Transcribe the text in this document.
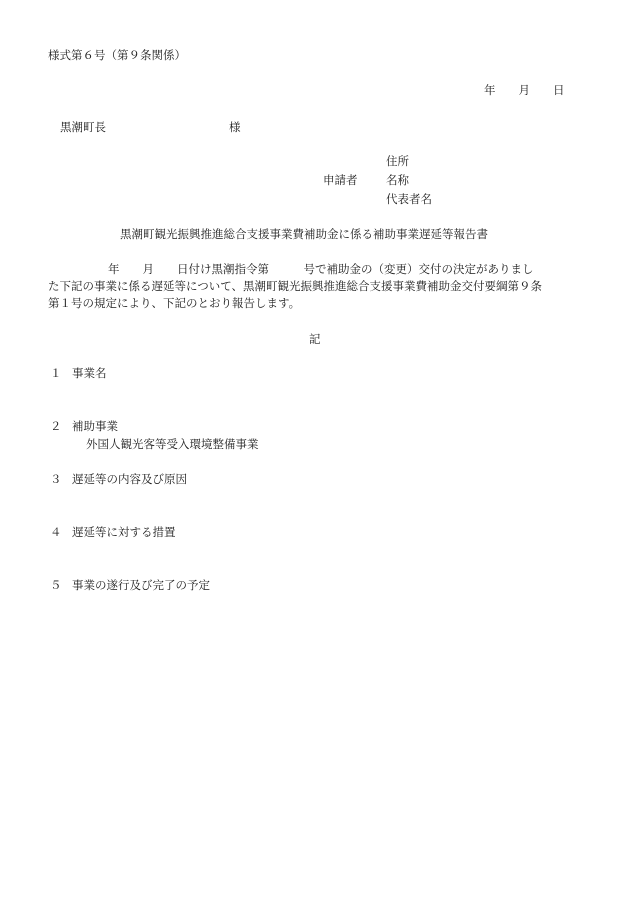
様式第６号（第９条関係）
年　　月　　日
黒潮町長	様
住所
申請者 名称
代表者名
黒潮町観光振興推進総合支援事業費補助金に係る補助事業遅延等報告書
年　　月　　日付け黒潮指令第　　　号で補助金の（変更）交付の決定がありまし
た下記の事業に係る遅延等について、黒潮町観光振興推進総合支援事業費補助金交付要綱第９条
第１号の規定により、下記のとおり報告します。
記
１ 事業名
２ 補助事業
外国人観光客等受入環境整備事業
３ 遅延等の内容及び原因
４ 遅延等に対する措置
５ 事業の遂行及び完了の予定
